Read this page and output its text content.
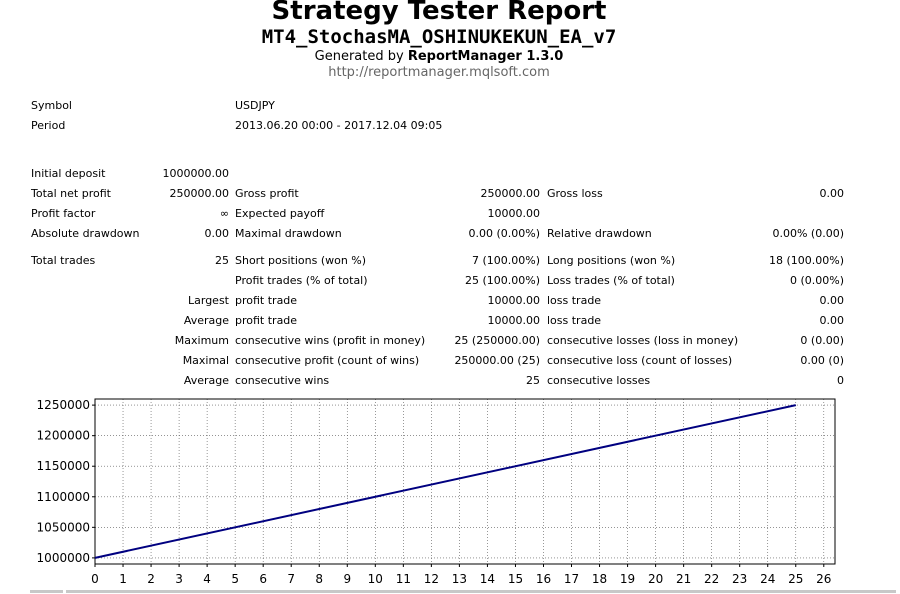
Strategy Tester Report
MT4_StochasMA_OSHINUKEKUN_EA_v7
Generated by ReportManager 1.3.0
http://reportmanager.mqlsoft.com
Symbol	USDJPY
Period	2013.06.20 00:00 - 2017.12.04 09:05
Initial deposit	1000000.00
Total net profit	250000.00 Gross profit	250000.00 Gross loss	0.00
Profit factor	∞ Expected payoff	10000.00
Absolute drawdown	0.00 Maximal drawdown	0.00 (0.00%) Relative drawdown	0.00% (0.00)
Total trades	25 Short positions (won %)	7 (100.00%) Long positions (won %)	18 (100.00%)
Profit trades (% of total)	25 (100.00%) Loss trades (% of total)	0 (0.00%)
Largest profit trade	10000.00 loss trade	0.00
Average profit trade	10000.00 loss trade	0.00
Maximum consecutive wins (profit in money)	25 (250000.00) consecutive losses (loss in money)	0 (0.00)
Maximal consecutive profit (count of wins)	250000.00 (25) consecutive loss (count of losses)	0.00 (0)
Average consecutive wins	25 consecutive losses	0
1000000
1050000
1100000
1150000
1200000
1250000
0 1 2 3 4 5 6 7 8 9 10 11 12 13 14 15 16 17 18 19 20 21 22 23 24 25 26
